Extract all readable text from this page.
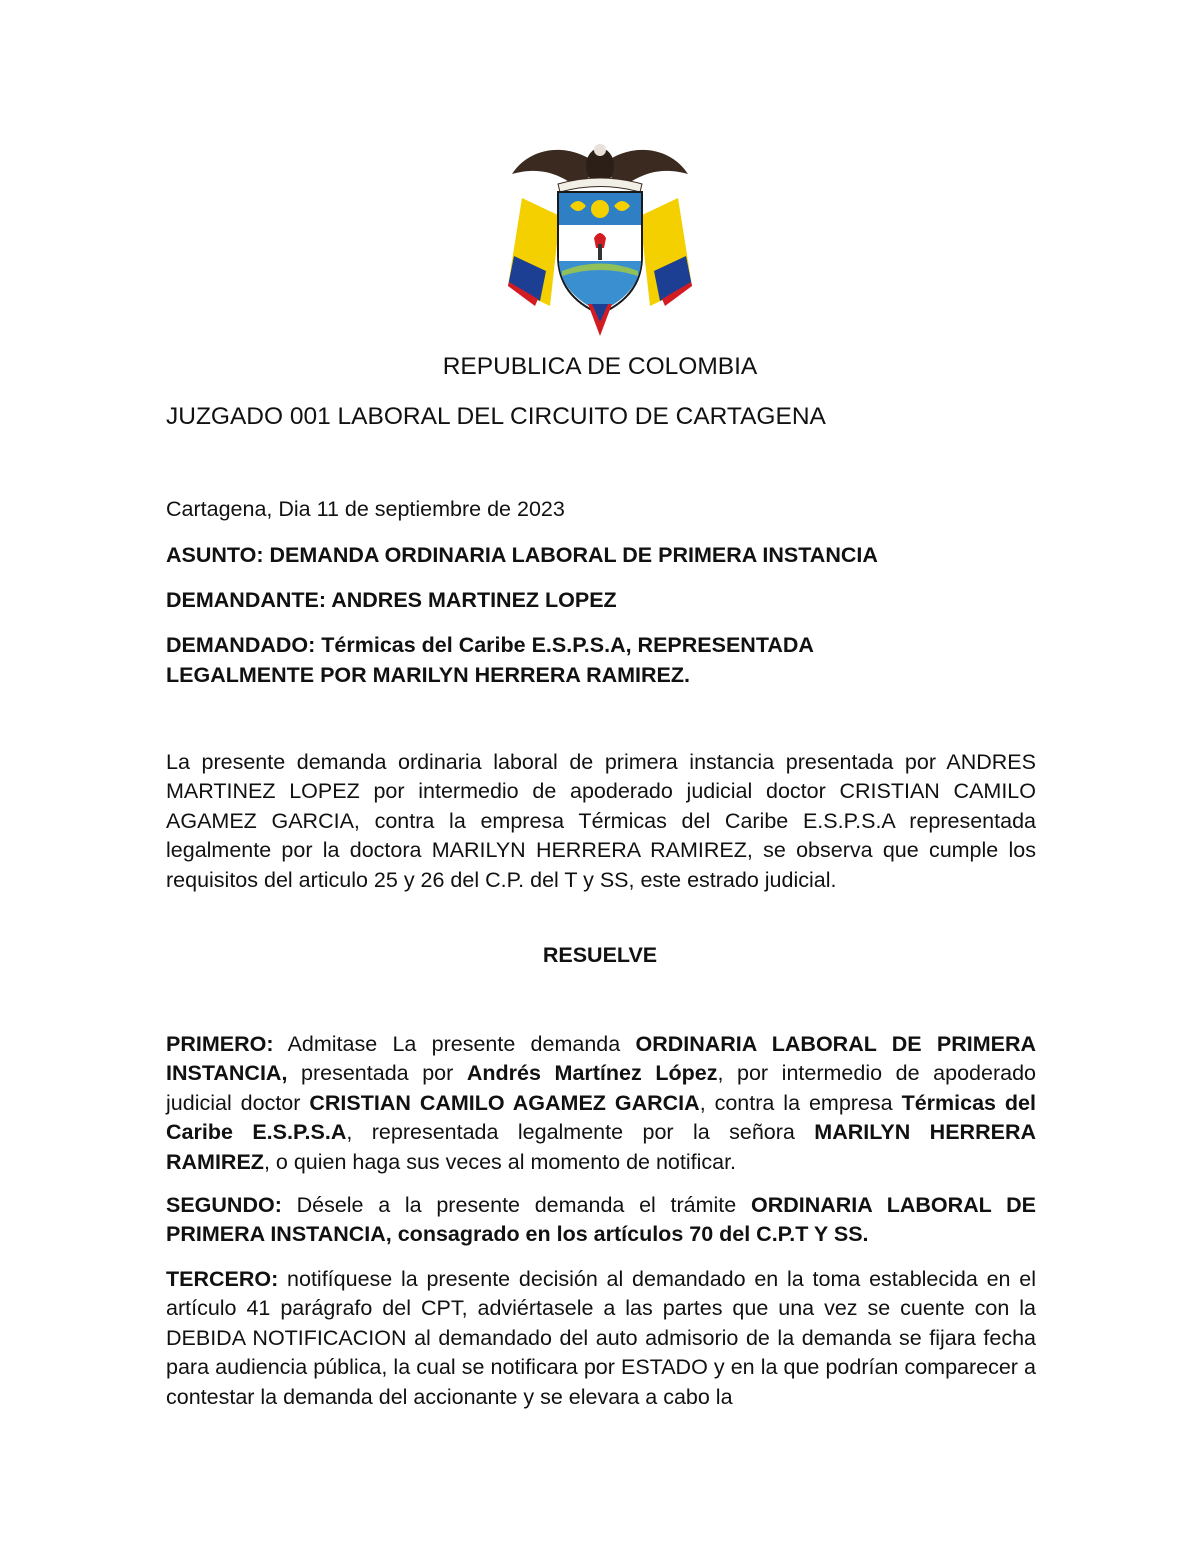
REPUBLICA DE COLOMBIA
JUZGADO 001 LABORAL DEL CIRCUITO DE CARTAGENA
Cartagena, Dia 11 de septiembre de 2023
ASUNTO: DEMANDA ORDINARIA LABORAL DE PRIMERA INSTANCIA
DEMANDANTE: ANDRES MARTINEZ LOPEZ
DEMANDADO: Térmicas del Caribe E.S.P.S.A, REPRESENTADA
LEGALMENTE POR MARILYN HERRERA RAMIREZ.
La presente demanda ordinaria laboral de primera instancia presentada por ANDRES MARTINEZ LOPEZ por intermedio de apoderado judicial doctor CRISTIAN CAMILO AGAMEZ GARCIA, contra la empresa Térmicas del Caribe E.S.P.S.A representada legalmente por la doctora MARILYN HERRERA RAMIREZ, se observa que cumple los requisitos del articulo 25 y 26 del C.P. del T y SS, este estrado judicial.
RESUELVE
PRIMERO: Admitase La presente demanda ORDINARIA LABORAL DE PRIMERA INSTANCIA, presentada por Andrés Martínez López, por intermedio de apoderado judicial doctor CRISTIAN CAMILO AGAMEZ GARCIA, contra la empresa Térmicas del Caribe E.S.P.S.A, representada legalmente por la señora MARILYN HERRERA RAMIREZ, o quien haga sus veces al momento de notificar.
SEGUNDO: Désele a la presente demanda el trámite ORDINARIA LABORAL DE PRIMERA INSTANCIA, consagrado en los artículos 70 del C.P.T Y SS.
TERCERO: notifíquese la presente decisión al demandado en la toma establecida en el artículo 41 parágrafo del CPT, adviértasele a las partes que una vez se cuente con la DEBIDA NOTIFICACION al demandado del auto admisorio de la demanda se fijara fecha para audiencia pública, la cual se notificara por ESTADO y en la que podrían comparecer a contestar la demanda del accionante y se elevara a cabo la
